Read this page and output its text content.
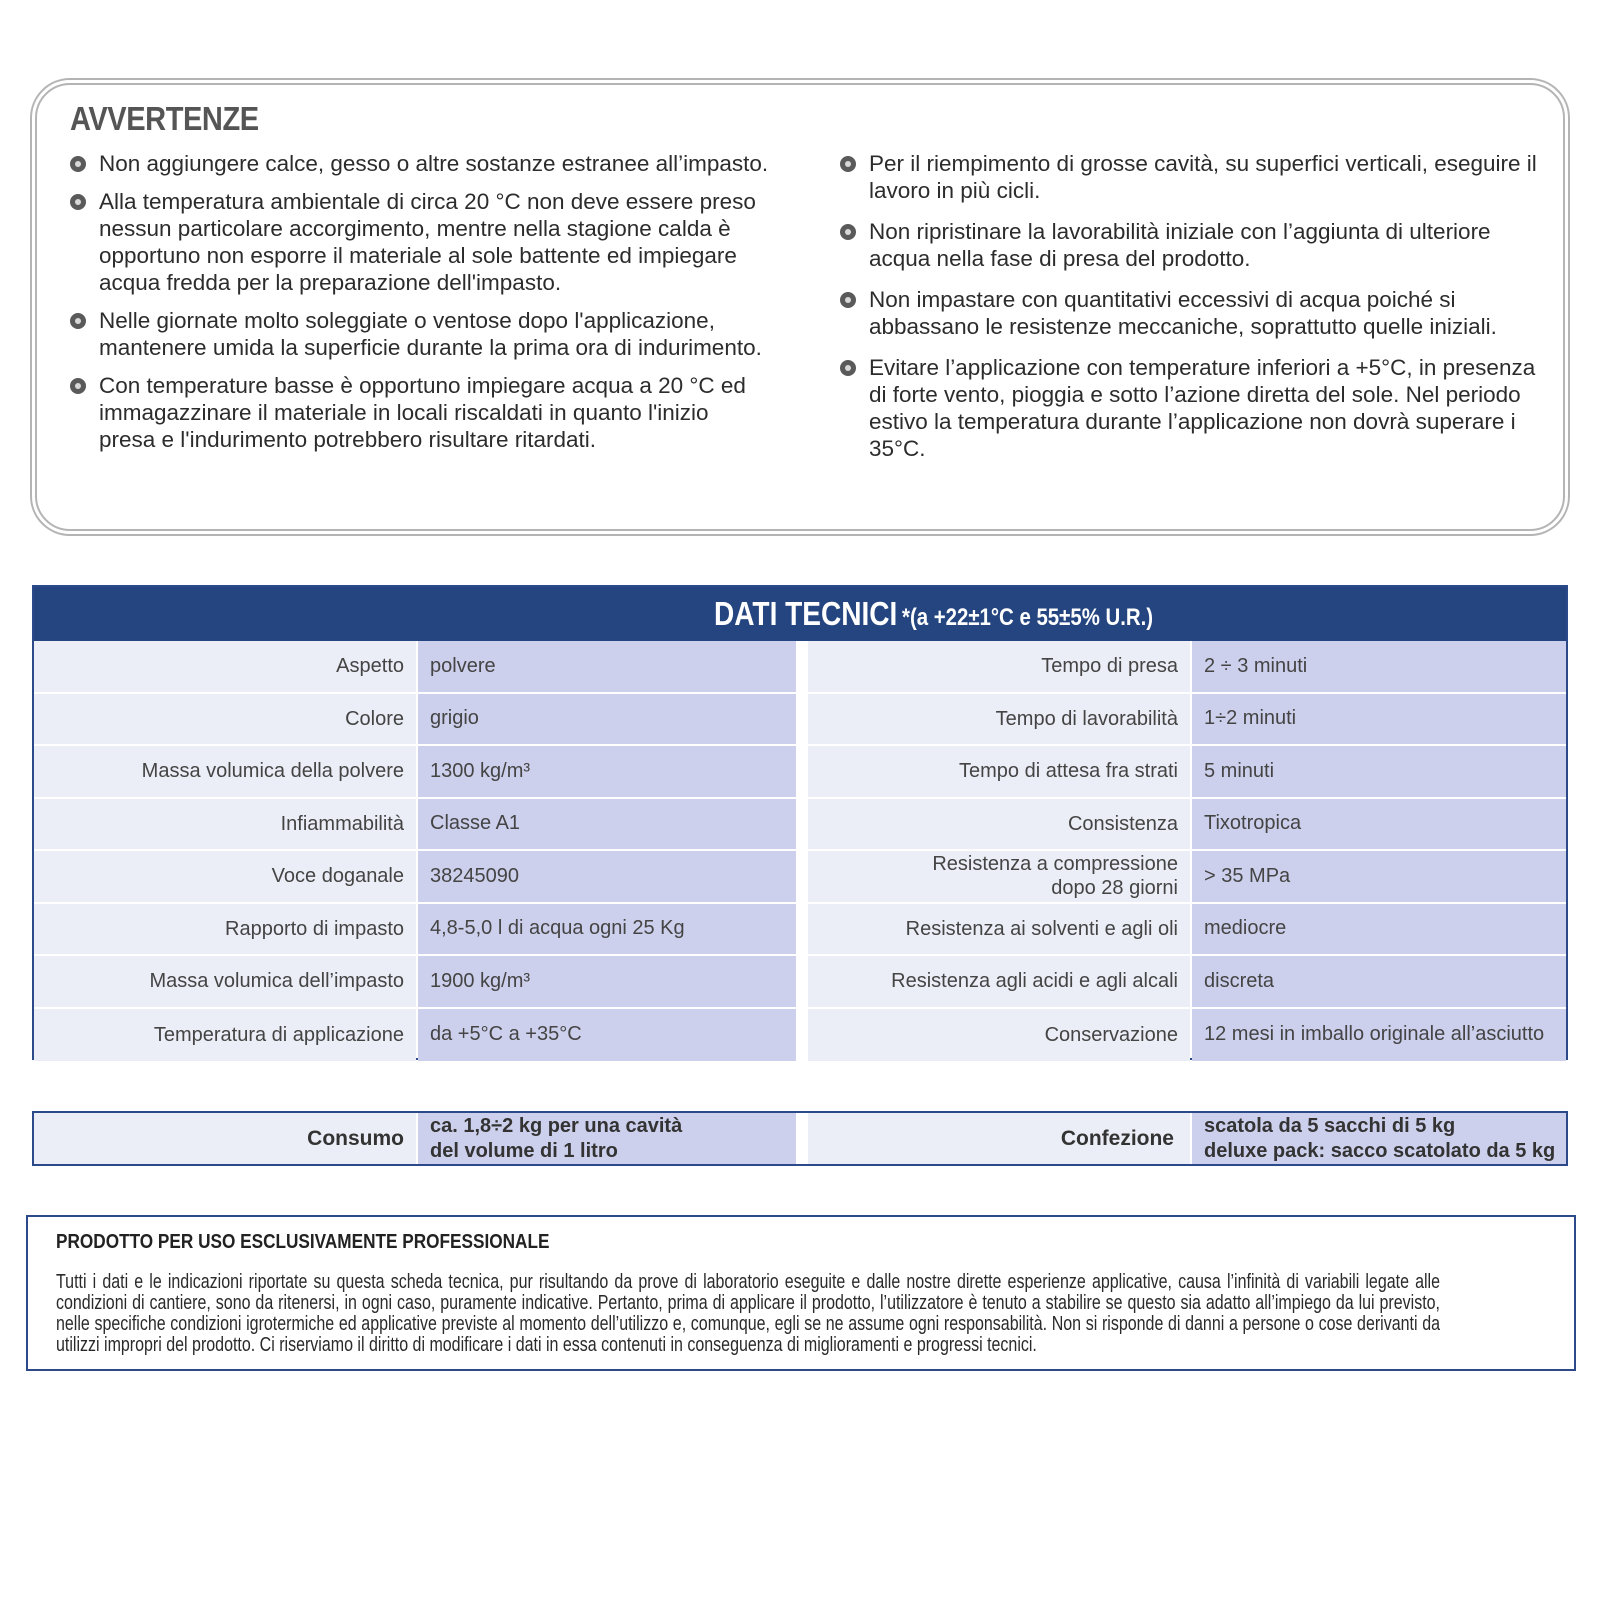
AVVERTENZE
Non aggiungere calce, gesso o altre sostanze estranee all’impasto.
Alla temperatura ambientale di circa 20 °C non deve essere preso nessun particolare accorgimento, mentre nella stagione calda è opportuno non esporre il materiale al sole battente ed impiegare acqua fredda per la preparazione dell'impasto.
Nelle giornate molto soleggiate o ventose dopo l'applicazione, mantenere umida la superficie durante la prima ora di indurimento.
Con temperature basse è opportuno impiegare acqua a 20 °C ed immagazzinare il materiale in locali riscaldati in quanto l'inizio presa e l'indurimento potrebbero risultare ritardati.
Per il riempimento di grosse cavità, su superfici verticali, eseguire il lavoro in più cicli.
Non ripristinare la lavorabilità iniziale con l’aggiunta di ulteriore acqua nella fase di presa del prodotto.
Non impastare con quantitativi eccessivi di acqua poiché si abbassano le resistenze meccaniche, soprattutto quelle iniziali.
Evitare l’applicazione con temperature inferiori a +5°C, in presenza di forte vento, pioggia e sotto l’azione diretta del sole. Nel periodo estivo la temperatura durante l’applicazione non dovrà superare i 35°C.
DATI TECNICI *(a +22±1°C e 55±5% U.R.)
Aspetto	polvere
Colore	grigio
Massa volumica della polvere	1300 kg/m³
Infiammabilità	Classe A1
Voce doganale	38245090
Rapporto di impasto	4,8-5,0 l di acqua ogni 25 Kg
Massa volumica dell’impasto	1900 kg/m³
Temperatura di applicazione	da +5°C a +35°C
Tempo di presa	2 ÷ 3 minuti
Tempo di lavorabilità	1÷2 minuti
Tempo di attesa fra strati	5 minuti
Consistenza	Tixotropica
Resistenza a compressione
dopo 28 giorni
> 35 MPa
Resistenza ai solventi e agli oli	mediocre
Resistenza agli acidi e agli alcali	discreta
Conservazione	12 mesi in imballo originale all’asciutto
Consumo
ca. 1,8÷2 kg per una cavità
del volume di 1 litro
Confezione
scatola da 5 sacchi di 5 kg
deluxe pack: sacco scatolato da 5 kg
PRODOTTO PER USO ESCLUSIVAMENTE PROFESSIONALE
Tutti i dati e le indicazioni riportate su questa scheda tecnica, pur risultando da prove di laboratorio eseguite e dalle nostre dirette esperienze applicative, causa l’infinità di variabili legate alle condizioni di cantiere, sono da ritenersi, in ogni caso, puramente indicative. Pertanto, prima di applicare il prodotto, l’utilizzatore è tenuto a stabilire se questo sia adatto all’impiego da lui previsto, nelle specifiche condizioni igrotermiche ed applicative previste al momento dell’utilizzo e, comunque, egli se ne assume ogni responsabilità. Non si risponde di danni a persone o cose derivanti da utilizzi impropri del prodotto. Ci riserviamo il diritto di modificare i dati in essa contenuti in conseguenza di miglioramenti e progressi tecnici.
